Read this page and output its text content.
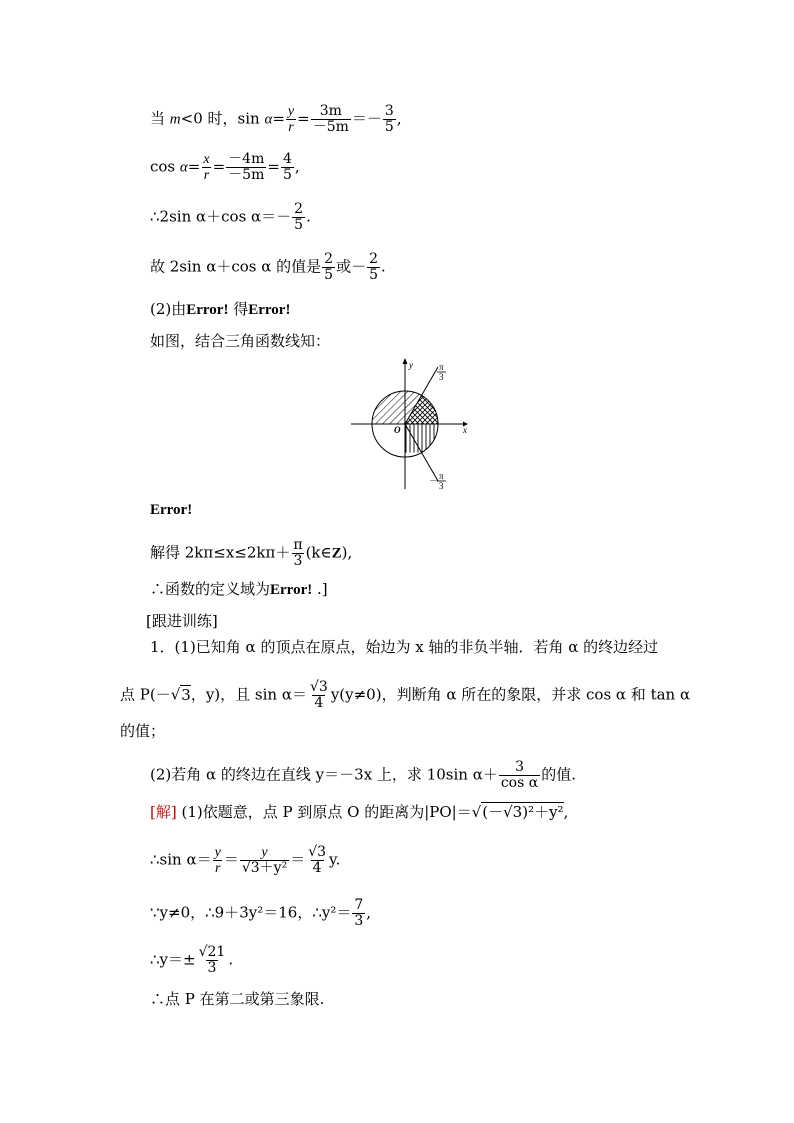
当 m<0 时，$\sin \alpha= \frac{y}{r} = \frac{3m}{-5m} =- \frac{3}{5}$ ,
$\cos \alpha= \frac{x}{r} = \frac{-4m}{-5m} = \frac{4}{5}$ ,
∴2sin α＋cos $\alpha=- \frac{2}{5}$ .
故 2sin α＋cos α 的值是 $\frac{2}{5}$ 或－ $\frac{2}{5}$ .
(2)由Error! 得Error!
如图，结合三角函数线知：
y
x
O
π
3
－ π
3
Error!
解得 $2k\pi\le x\le 2k\pi+ \frac{\pi}{3}$ (k∈Z),
∴函数的定义域为Error! .]
[跟进训练]
1．(1)已知角 α 的顶点在原点，始边为 x 轴的非负半轴．若角 α 的终边经过
点 P(－√3，y)，且 $\sin \alpha= \frac{√3}{4} y(y\ne 0)$，判断角 α 所在的象限，并求 cos α 和 tan α
的值；
(2)若角 α 的终边在直线 y＝－3x 上，求 10sin $\alpha+ \frac{3}{\text{cos α}}$ 的值.
[解] (1)依题意，点 P 到原点 O 的距离为|PO|＝√(－√3)²＋y²,
∴sin $\alpha= \frac{y}{r} = \frac{y}{\text{√3＋y²}} = \frac{√3}{4} y$.
∵y≠0，∴9＋3y²＝16，∴y²＝ $\frac{7}{3}$ ,
∴y＝± $\frac{√21}{3}$ .
∴点 P 在第二或第三象限.
